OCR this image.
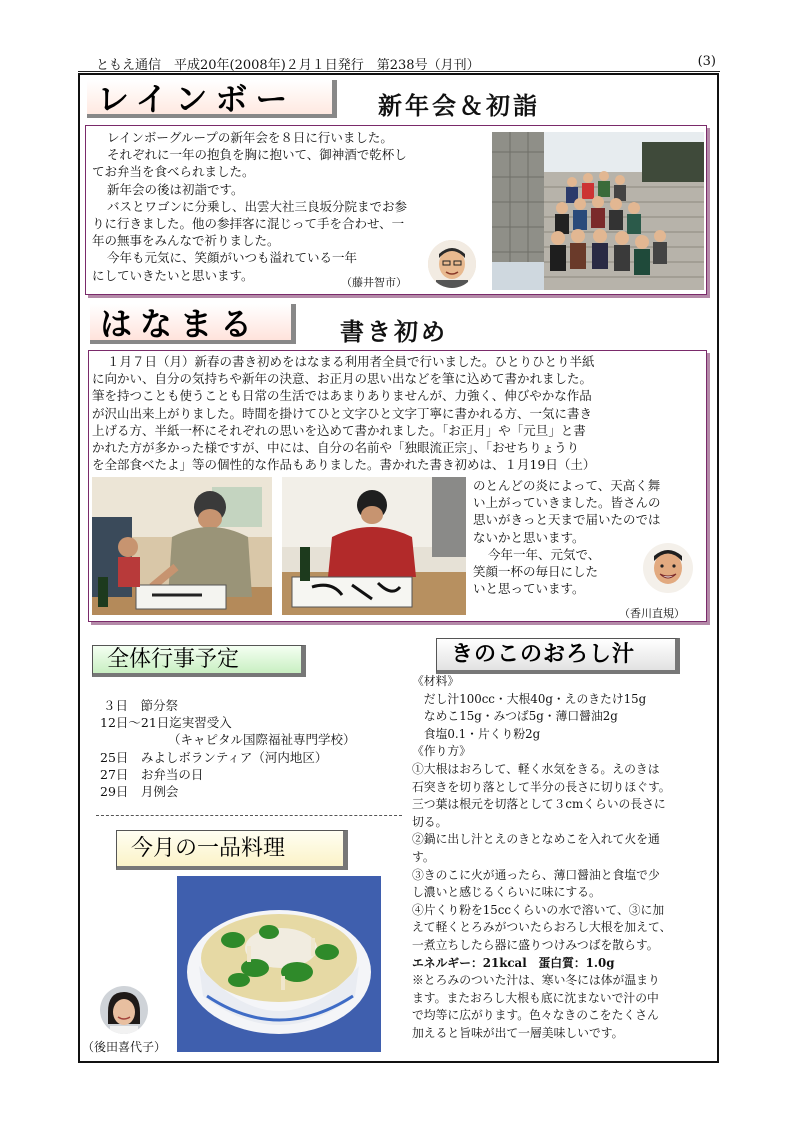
ともえ通信　平成20年(2008年)２月１日発行　第238号（月刊）	(3)
レインボー	新年会＆初詣

レインボーグループの新年会を８日に行いました。

それぞれに一年の抱負を胸に抱いて、御神酒で乾杯し

てお弁当を食べられました。

新年会の後は初詣です。

バスとワゴンに分乗し、出雲大社三良坂分院までお参

りに行きました。他の参拝客に混じって手を合わせ、一

年の無事をみんなで祈りました。

今年も元気に、笑顔がいつも溢れている一年

にしていきたいと思います。	（藤井智市）
はなまる	書き初め

１月７日（月）新春の書き初めをはなまる利用者全員で行いました。ひとりひとり半紙

に向かい、自分の気持ちや新年の決意、お正月の思い出などを筆に込めて書かれました。

筆を持つことも使うことも日常の生活ではあまりありませんが、力強く、伸びやかな作品

が沢山出来上がりました。時間を掛けてひと文字ひと文字丁寧に書かれる方、一気に書き

上げる方、半紙一杯にそれぞれの思いを込めて書かれました。「お正月」や「元旦」と書

かれた方が多かった様ですが、中には、自分の名前や「独眼流正宗」、「おせちりょうり

を全部食べたよ」等の個性的な作品もありました。書かれた書き初めは、１月19日（土）

のとんどの炎によって、天高く舞

い上がっていきました。皆さんの

思いがきっと天まで届いたのでは

ないかと思います。

今年一年、元気で、

笑顔一杯の毎日にした

いと思っています。

（香川直規）
全体行事予定
３日　節分祭
12日～21日迄実習受入
（キャピタル国際福祉専門学校）
25日　みよしボランティア（河内地区）
27日　お弁当の日
29日　月例会
今月の一品料理
（後田喜代子）
きのこのおろし汁
《材料》
　だし汁100cc・大根40g・えのきたけ15g
　なめこ15g・みつば5g・薄口醤油2g
　食塩0.1・片くり粉2g
《作り方》
①大根はおろして、軽く水気をきる。えのきは
石突きを切り落として半分の長さに切りほぐす。
三つ葉は根元を切落として３cmくらいの長さに
切る。
②鍋に出し汁とえのきとなめこを入れて火を通
す。
③きのこに火が通ったら、薄口醤油と食塩で少
し濃いと感じるくらいに味にする。
④片くり粉を15ccくらいの水で溶いて、③に加
えて軽くとろみがついたらおろし大根を加えて、
一煮立ちしたら器に盛りつけみつばを散らす。
エネルギー：21kcal　蛋白質：1.0g
※とろみのついた汁は、寒い冬には体が温まり
ます。またおろし大根も底に沈まないで汁の中
で均等に広がります。色々なきのこをたくさん
加えると旨味が出て一層美味しいです。
